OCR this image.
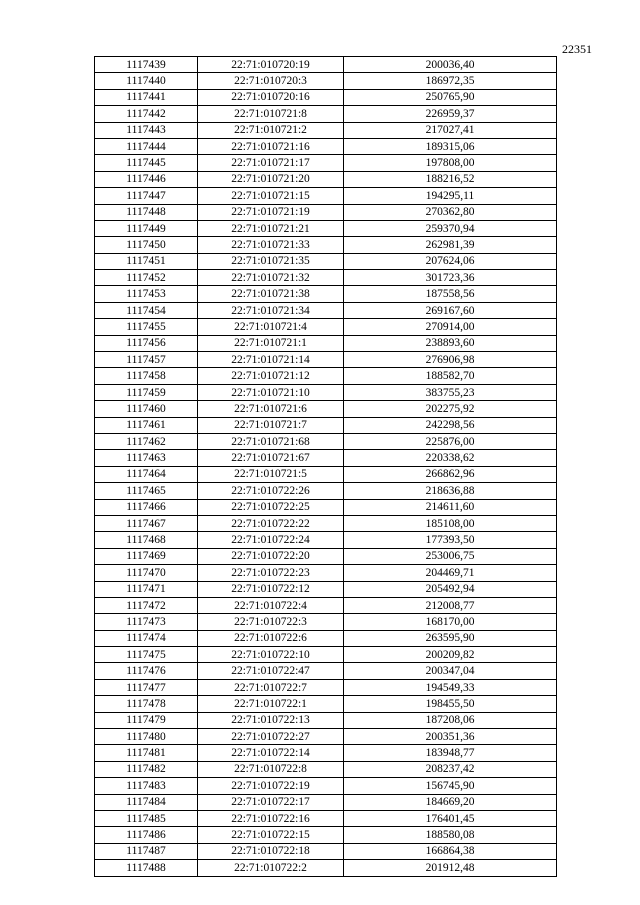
22351
1117439	22:71:010720:19	200036,40
1117440	22:71:010720:3	186972,35
1117441	22:71:010720:16	250765,90
1117442	22:71:010721:8	226959,37
1117443	22:71:010721:2	217027,41
1117444	22:71:010721:16	189315,06
1117445	22:71:010721:17	197808,00
1117446	22:71:010721:20	188216,52
1117447	22:71:010721:15	194295,11
1117448	22:71:010721:19	270362,80
1117449	22:71:010721:21	259370,94
1117450	22:71:010721:33	262981,39
1117451	22:71:010721:35	207624,06
1117452	22:71:010721:32	301723,36
1117453	22:71:010721:38	187558,56
1117454	22:71:010721:34	269167,60
1117455	22:71:010721:4	270914,00
1117456	22:71:010721:1	238893,60
1117457	22:71:010721:14	276906,98
1117458	22:71:010721:12	188582,70
1117459	22:71:010721:10	383755,23
1117460	22:71:010721:6	202275,92
1117461	22:71:010721:7	242298,56
1117462	22:71:010721:68	225876,00
1117463	22:71:010721:67	220338,62
1117464	22:71:010721:5	266862,96
1117465	22:71:010722:26	218636,88
1117466	22:71:010722:25	214611,60
1117467	22:71:010722:22	185108,00
1117468	22:71:010722:24	177393,50
1117469	22:71:010722:20	253006,75
1117470	22:71:010722:23	204469,71
1117471	22:71:010722:12	205492,94
1117472	22:71:010722:4	212008,77
1117473	22:71:010722:3	168170,00
1117474	22:71:010722:6	263595,90
1117475	22:71:010722:10	200209,82
1117476	22:71:010722:47	200347,04
1117477	22:71:010722:7	194549,33
1117478	22:71:010722:1	198455,50
1117479	22:71:010722:13	187208,06
1117480	22:71:010722:27	200351,36
1117481	22:71:010722:14	183948,77
1117482	22:71:010722:8	208237,42
1117483	22:71:010722:19	156745,90
1117484	22:71:010722:17	184669,20
1117485	22:71:010722:16	176401,45
1117486	22:71:010722:15	188580,08
1117487	22:71:010722:18	166864,38
1117488	22:71:010722:2	201912,48
